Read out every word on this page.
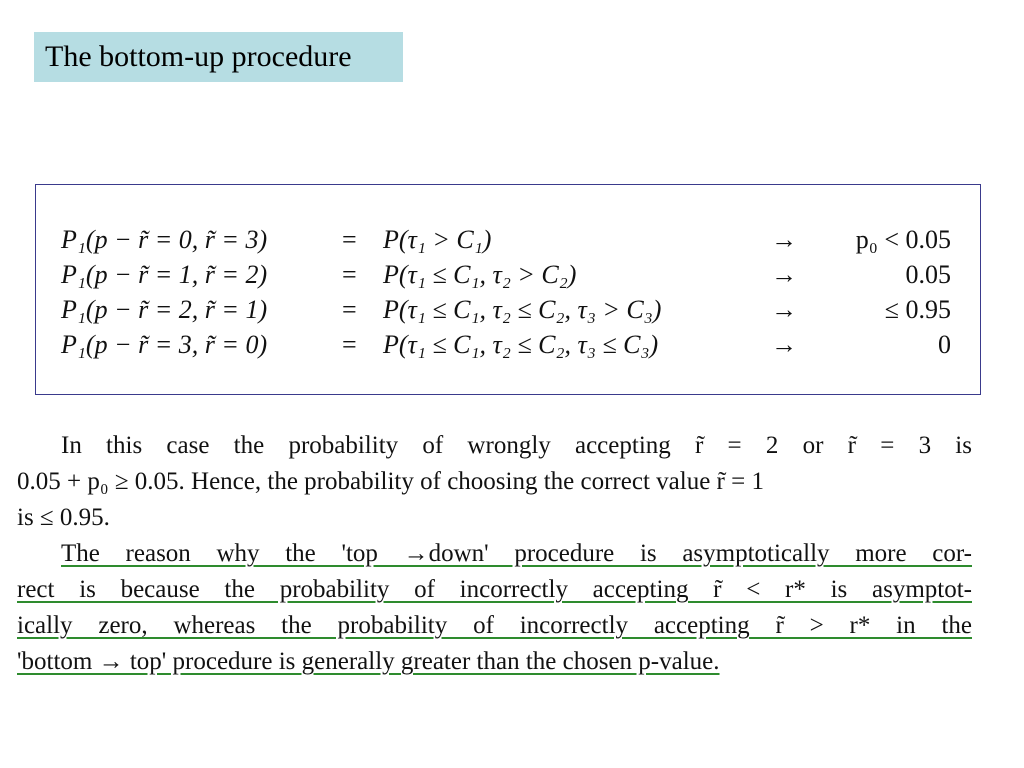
The bottom-up procedure
P₁(p − r̃ = 0, r̃ = 3)	= P(τ₁ > C₁)	→ p₀ < 0.05
P₁(p − r̃ = 1, r̃ = 2)	= P(τ₁ ≤ C₁, τ₂ > C₂)	→	0.05
P₁(p − r̃ = 2, r̃ = 1)	= P(τ₁ ≤ C₁, τ₂ ≤ C₂, τ₃ > C₃)	→	≤ 0.95
P₁(p − r̃ = 3, r̃ = 0)	= P(τ₁ ≤ C₁, τ₂ ≤ C₂, τ₃ ≤ C₃)	→	0
In this case the probability of wrongly accepting r̃ = 2 or r̃ = 3 is
0.05 + p₀ ≥ 0.05. Hence, the probability of choosing the correct value r̃ = 1
is ≤ 0.95.
The reason why the 'top →down' procedure is asymptotically more cor-
rect is because the probability of incorrectly accepting r̃ < r* is asymptot-
ically zero, whereas the probability of incorrectly accepting r̃ > r* in the
'bottom → top' procedure is generally greater than the chosen p-value.
